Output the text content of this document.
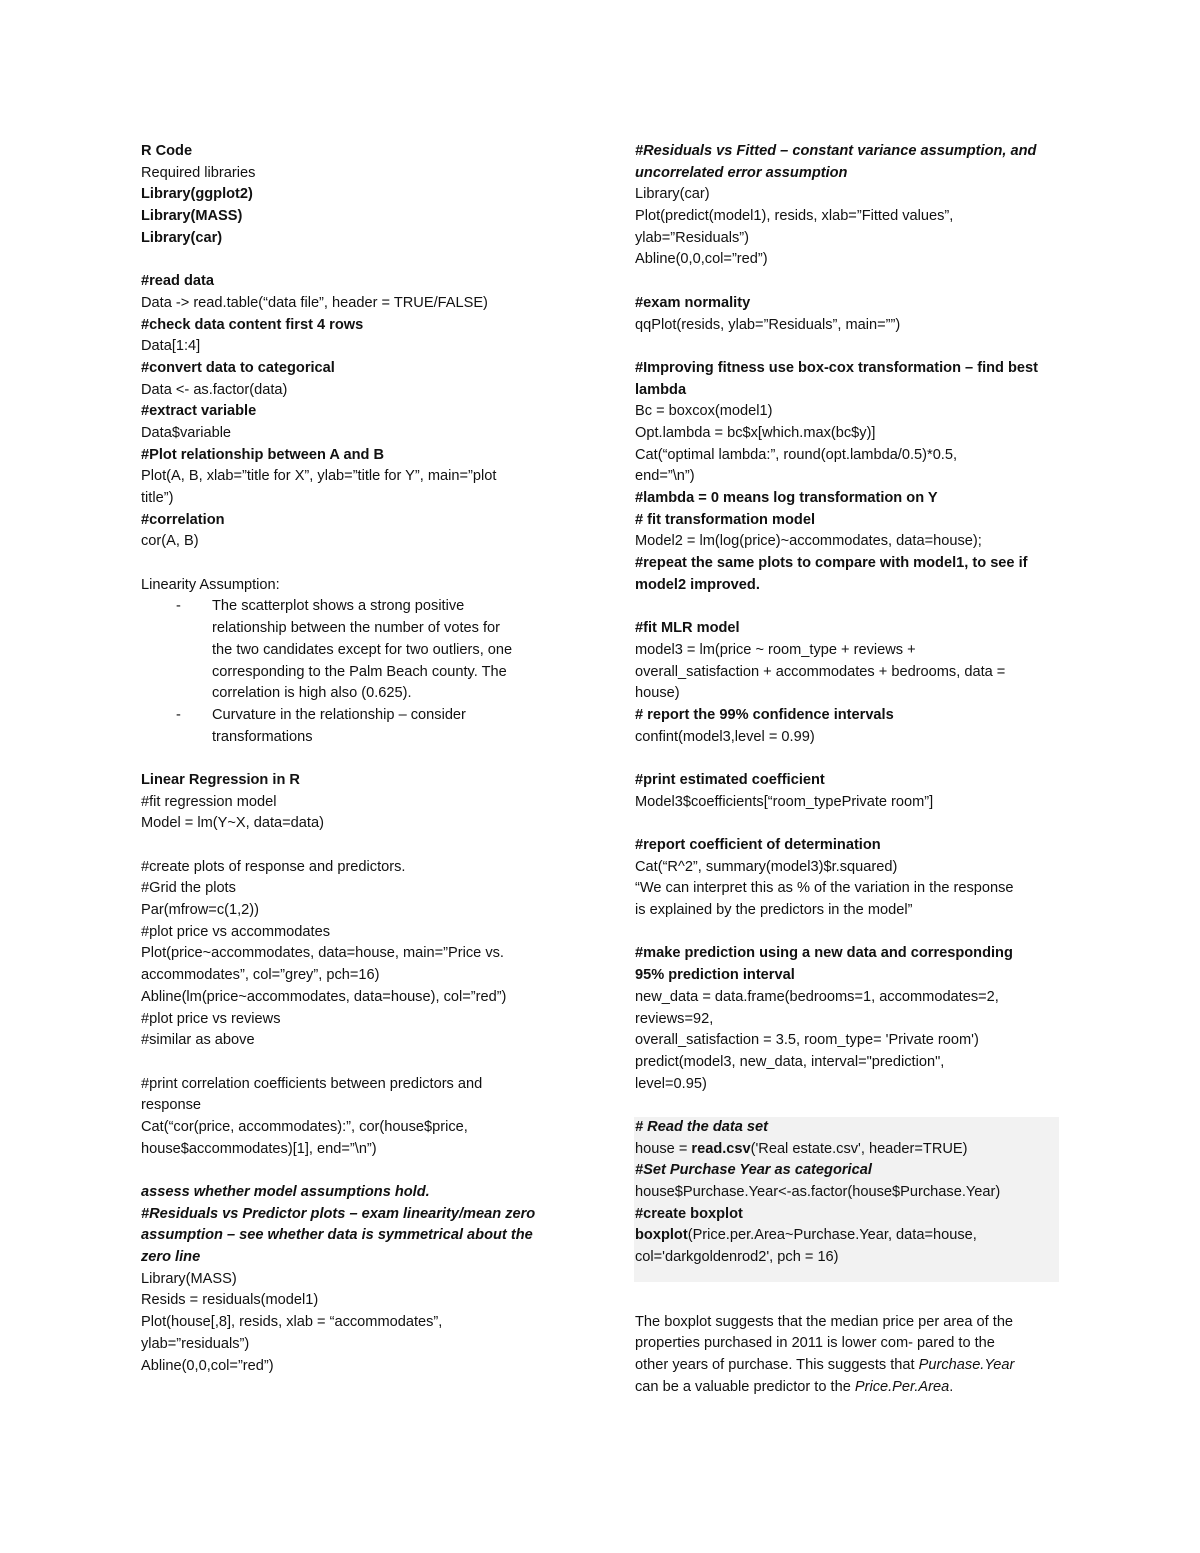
R Code
Required libraries
Library(ggplot2)
Library(MASS)
Library(car)
#read data
Data -> read.table(“data file”, header = TRUE/FALSE)
#check data content first 4 rows
Data[1:4]
#convert data to categorical
Data <- as.factor(data)
#extract variable
Data$variable
#Plot relationship between A and B
Plot(A, B, xlab=”title for X”, ylab=”title for Y”, main=”plot
title”)
#correlation
cor(A, B)
Linearity Assumption:
- The scatterplot shows a strong positive
relationship between the number of votes for
the two candidates except for two outliers, one
corresponding to the Palm Beach county. The
correlation is high also (0.625).
- Curvature in the relationship – consider
transformations
Linear Regression in R
#fit regression model
Model = lm(Y~X, data=data)
#create plots of response and predictors.
#Grid the plots
Par(mfrow=c(1,2))
#plot price vs accommodates
Plot(price~accommodates, data=house, main=”Price vs.
accommodates”, col=”grey”, pch=16)
Abline(lm(price~accommodates, data=house), col=”red”)
#plot price vs reviews
#similar as above
#print correlation coefficients between predictors and
response
Cat(“cor(price, accommodates):”, cor(house$price,
house$accommodates)[1], end=”\n”)
assess whether model assumptions hold.
#Residuals vs Predictor plots – exam linearity/mean zero
assumption – see whether data is symmetrical about the
zero line
Library(MASS)
Resids = residuals(model1)
Plot(house[,8], resids, xlab = “accommodates”,
ylab=”residuals”)
Abline(0,0,col=”red”)
#Residuals vs Fitted – constant variance assumption, and
uncorrelated error assumption
Library(car)
Plot(predict(model1), resids, xlab=”Fitted values”,
ylab=”Residuals”)
Abline(0,0,col=”red”)
#exam normality
qqPlot(resids, ylab=”Residuals”, main=””)
#Improving fitness use box-cox transformation – find best
lambda
Bc = boxcox(model1)
Opt.lambda = bc$x[which.max(bc$y)]
Cat(“optimal lambda:”, round(opt.lambda/0.5)*0.5,
end=”\n”)
#lambda = 0 means log transformation on Y
# fit transformation model
Model2 = lm(log(price)~accommodates, data=house);
#repeat the same plots to compare with model1, to see if
model2 improved.
#fit MLR model
model3 = lm(price ~ room_type + reviews +
overall_satisfaction + accommodates + bedrooms, data =
house)
# report the 99% confidence intervals
confint(model3,level = 0.99)
#print estimated coefficient
Model3$coefficients[“room_typePrivate room”]
#report coefficient of determination
Cat(“R^2”, summary(model3)$r.squared)
“We can interpret this as % of the variation in the response
is explained by the predictors in the model”
#make prediction using a new data and corresponding
95% prediction interval
new_data = data.frame(bedrooms=1, accommodates=2,
reviews=92,
overall_satisfaction = 3.5, room_type= 'Private room')
predict(model3, new_data, interval="prediction",
level=0.95)
# Read the data set
house = read.csv('Real estate.csv', header=TRUE)
#Set Purchase Year as categorical
house$Purchase.Year<-as.factor(house$Purchase.Year)
#create boxplot
boxplot(Price.per.Area~Purchase.Year, data=house,
col='darkgoldenrod2', pch = 16)
The boxplot suggests that the median price per area of the
properties purchased in 2011 is lower com- pared to the
other years of purchase. This suggests that Purchase.Year
can be a valuable predictor to the Price.Per.Area.
